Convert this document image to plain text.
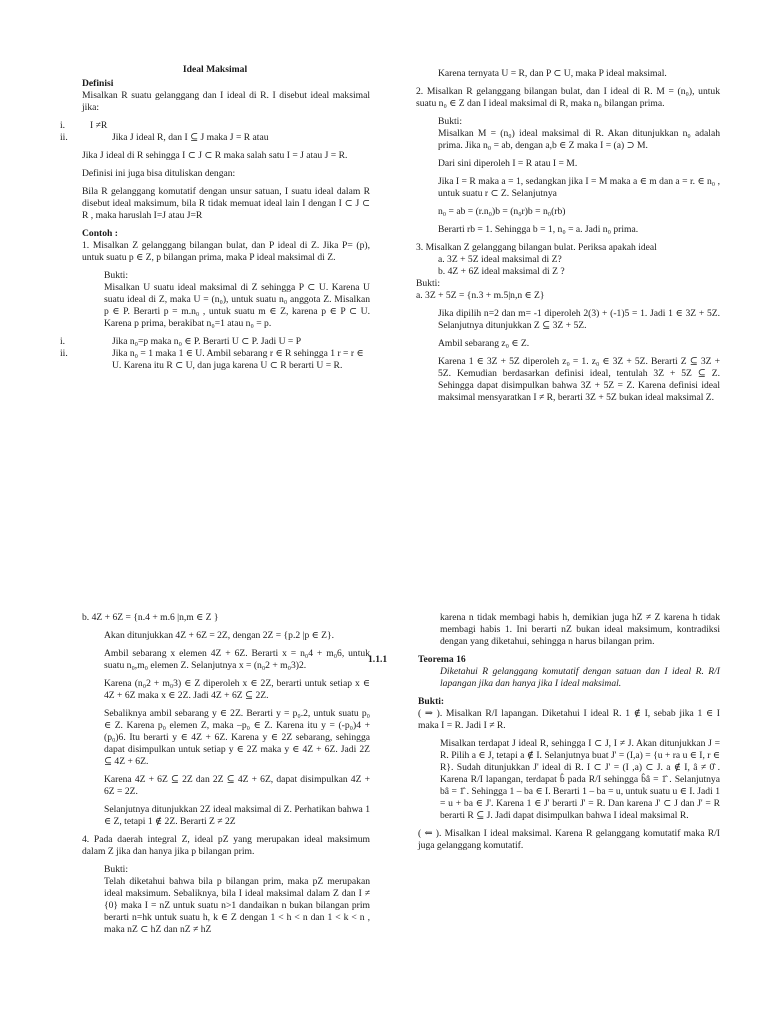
Ideal Maksimal
Definisi

Misalkan R suatu gelanggang dan I ideal di R. I disebut ideal maksimal jika:

i.	I ≠R
ii.	Jika J ideal R, dan I ⊆ J maka J = R atau

Jika J ideal di R sehingga I ⊂ J ⊂ R maka salah satu I = J atau J = R.

Definisi ini juga bisa dituliskan dengan:

Bila R gelanggang komutatif dengan unsur satuan, I suatu ideal dalam R disebut ideal maksimum, bila R tidak memuat ideal lain I dengan I ⊂ J ⊂ R , maka haruslah I=J atau J=R

Contoh :

1. Misalkan Z gelanggang bilangan bulat, dan P ideal di Z. Jika P= (p), untuk suatu p ∈ Z, p bilangan prima, maka P ideal maksimal di Z.

Bukti:

Misalkan U suatu ideal maksimal di Z sehingga P ⊂ U. Karena U suatu ideal di Z, maka U = (n₀), untuk suatu n₀ anggota Z. Misalkan p ∈ P. Berarti p = m.n₀ , untuk suatu m ∈ Z, karena p ∈ P ⊂ U. Karena p prima, berakibat n₀=1 atau n₀ = p.

i.	Jika n₀=p maka n₀ ∈ P. Berarti U ⊂ P. Jadi U = P
ii.	Jika n₀ = 1 maka 1 ∈ U. Ambil sebarang r ∈ R sehingga 1 r = r ∈ U. Karena itu R ⊂ U, dan juga karena U ⊂ R berarti U = R.

Karena ternyata U = R, dan P ⊂ U, maka P ideal maksimal.

2. Misalkan R gelanggang bilangan bulat, dan I ideal di R. M = (n₀), untuk suatu n₀ ∈ Z dan I ideal maksimal di R, maka n₀ bilangan prima.

Bukti:

Misalkan M = (n₀) ideal maksimal di R. Akan ditunjukkan n₀ adalah prima. Jika n₀ = ab, dengan a,b ∈ Z maka I = (a) ⊃ M.

Dari sini diperoleh I = R atau I = M.

Jika I = R maka a = 1, sedangkan jika I = M maka a ∈ m dan a = r. ∈ n₀ , untuk suatu r ⊂ Z. Selanjutnya

n₀ = ab = (r.n₀)b = (n₀r)b = n₀(rb)

Berarti rb = 1. Sehingga b = 1, n₀ = a. Jadi n₀ prima.

3. Misalkan Z gelanggang bilangan bulat. Periksa apakah ideal
a. 3Z + 5Z ideal maksimal di Z?
b. 4Z + 6Z ideal maksimal di Z ?
Bukti:

a. 3Z + 5Z = {n.3 + m.5|n,n ∈ Z}

Jika dipilih n=2 dan m= -1 diperoleh 2(3) + (-1)5 = 1. Jadi 1 ∈ 3Z + 5Z. Selanjutnya ditunjukkan Z ⊆ 3Z + 5Z.

Ambil sebarang z₀ ∈ Z.

Karena 1 ∈ 3Z + 5Z diperoleh z₀ = 1. z₀ ∈ 3Z + 5Z. Berarti Z ⊆ 3Z + 5Z. Kemudian berdasarkan definisi ideal, tentulah 3Z + 5Z ⊆ Z. Sehingga dapat disimpulkan bahwa 3Z + 5Z = Z. Karena definisi ideal maksimal mensyaratkan I ≠ R, berarti 3Z + 5Z bukan ideal maksimal Z.

b. 4Z + 6Z = {n.4 + m.6 |n,m ∈ Z }

Akan ditunjukkan 4Z + 6Z = 2Z, dengan 2Z = {p.2 |p ∈ Z}.

Ambil sebarang x elemen 4Z + 6Z. Berarti x = n₀4 + m₀6, untuk suatu n₀,m₀ elemen Z. Selanjutnya x = (n₀2 + m₀3)2.

Karena (n₀2 + m₀3) ∈ Z diperoleh x ∈ 2Z, berarti untuk setiap x ∈ 4Z + 6Z maka x ∈ 2Z. Jadi 4Z + 6Z ⊆ 2Z.

Sebaliknya ambil sebarang y ∈ 2Z. Berarti y = p₀.2, untuk suatu p₀ ∈ Z. Karena p₀ elemen Z, maka –p₀ ∈ Z. Karena itu y = (-p₀)4 + (p₀)6. Itu berarti y ∈ 4Z + 6Z. Karena y ∈ 2Z sebarang, sehingga dapat disimpulkan untuk setiap y ∈ 2Z maka y ∈ 4Z + 6Z. Jadi 2Z ⊆ 4Z + 6Z.

Karena 4Z + 6Z ⊆ 2Z dan 2Z ⊆ 4Z + 6Z, dapat disimpulkan 4Z + 6Z = 2Z.

Selanjutnya ditunjukkan 2Z ideal maksimal di Z. Perhatikan bahwa 1 ∈ Z, tetapi 1 ∉ 2Z. Berarti Z ≠ 2Z

4. Pada daerah integral Z, ideal pZ yang merupakan ideal maksimum dalam Z jika dan hanya jika p bilangan prim.

Bukti:

Telah diketahui bahwa bila p bilangan prim, maka pZ merupakan ideal maksimum. Sebaliknya, bila I ideal maksimal dalam Z dan I ≠ {0} maka I = nZ untuk suatu n>1 dandaikan n bukan bilangan prim berarti n=hk untuk suatu h, k ∈ Z dengan 1 < h < n dan 1 < k < n , maka nZ ⊂ hZ dan nZ ≠ hZ

karena n tidak membagi habis h, demikian juga hZ ≠ Z karena h tidak membagi habis 1. Ini berarti nZ bukan ideal maksimum, kontradiksi dengan yang diketahui, sehingga n harus bilangan prim.

1.1.1	Teorema 16

Diketahui R gelanggang komutatif dengan satuan dan I ideal R. R/I lapangan jika dan hanya jika I ideal maksimal.

Bukti:

( ⇒ ). Misalkan R/I lapangan. Diketahui I ideal R. 1 ∉ I, sebab jika 1 ∈ I maka I = R. Jadi I ≠ R.

Misalkan terdapat J ideal R, sehingga I ⊂ J, I ≠ J. Akan ditunjukkan J = R. Pilih a ∈ J, tetapi a ∉ I. Selanjutnya buat J' = (I,a) = {u + ra u ∈ I, r ∈ R}. Sudah ditunjukkan J' ideal di R. I ⊂ J' = (I ,a) ⊂ J. a ∉ I, â ≠ 0̂ . Karena R/I lapangan, terdapat b̂ pada R/I sehingga b̂â = 1̂ . Selanjutnya bâ = 1̂ . Sehingga 1 – ba ∈ I. Berarti 1 – ba = u, untuk suatu u ∈ I. Jadi 1 = u + ba ∈ J'. Karena 1 ∈ J' berarti J' = R. Dan karena J' ⊂ J dan J' = R berarti R ⊆ J. Jadi dapat disimpulkan bahwa I ideal maksimal R.

( ⇐ ). Misalkan I ideal maksimal. Karena R gelanggang komutatif maka R/I juga gelanggang komutatif.
